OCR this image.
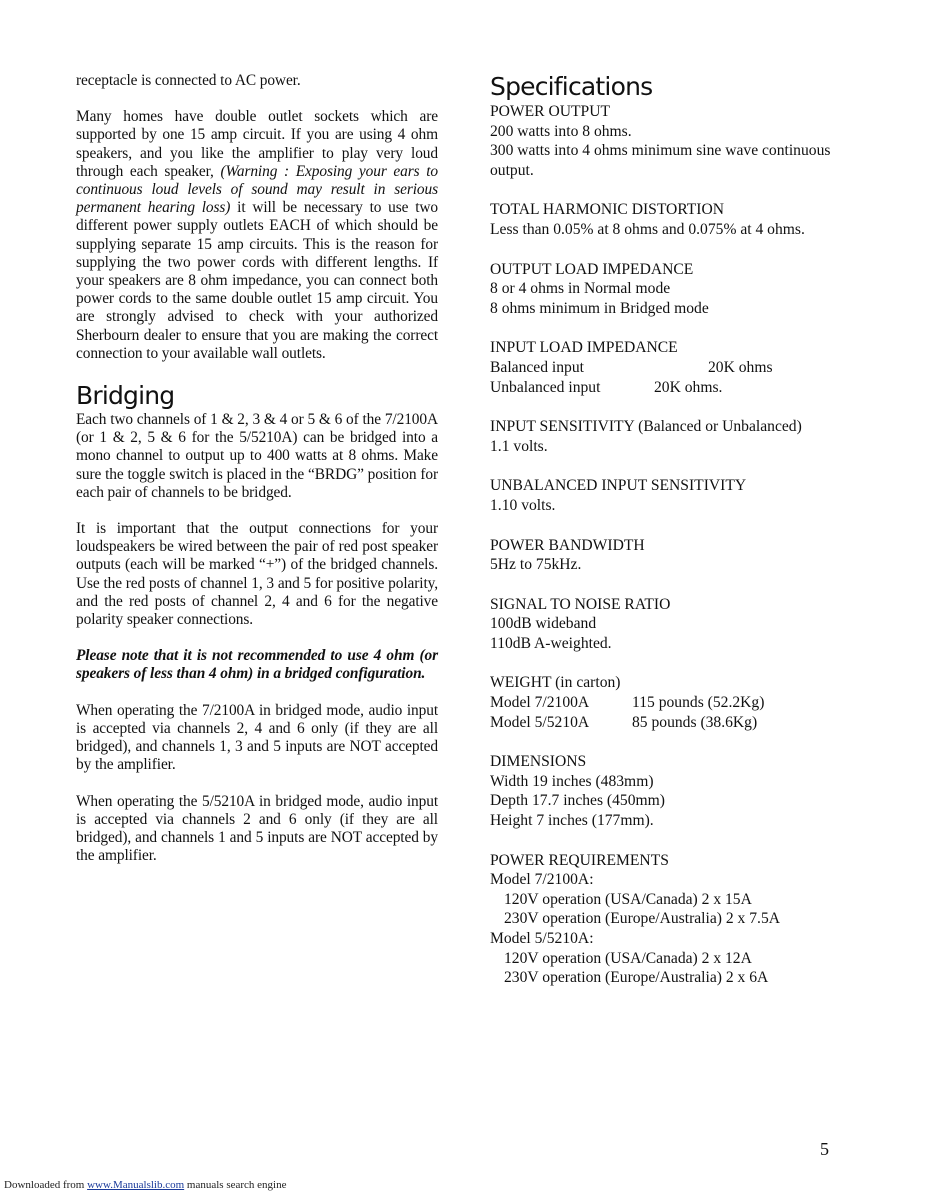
receptacle is connected to AC power.

Many homes have double outlet sockets which are supported by one 15 amp circuit. If you are using 4 ohm speakers, and you like the amplifier to play very loud through each speaker, (Warning : Exposing your ears to continuous loud levels of sound may result in serious permanent hearing loss) it will be necessary to use two different power supply outlets EACH of which should be supplying separate 15 amp circuits. This is the reason for supplying the two power cords with different lengths. If your speakers are 8 ohm impedance, you can connect both power cords to the same double outlet 15 amp circuit. You are strongly advised to check with your authorized Sherbourn dealer to ensure that you are making the correct connection to your available wall outlets.

Bridging

Each two channels of 1 & 2, 3 & 4 or 5 & 6 of the 7/2100A (or 1 & 2, 5 & 6 for the 5/5210A) can be bridged into a mono channel to output up to 400 watts at 8 ohms. Make sure the toggle switch is placed in the “BRDG” position for each pair of channels to be bridged.

It is important that the output connections for your loudspeakers be wired between the pair of red post speaker outputs (each will be marked “+”) of the bridged channels. Use the red posts of channel 1, 3 and 5 for positive polarity, and the red posts of channel 2, 4 and 6 for the negative polarity speaker connections.

Please note that it is not recommended to use 4 ohm (or speakers of less than 4 ohm) in a bridged configuration.

When operating the 7/2100A in bridged mode, audio input is accepted via channels 2, 4 and 6 only (if they are all bridged), and channels 1, 3 and 5 inputs are NOT accepted by the amplifier.

When operating the 5/5210A in bridged mode, audio input is accepted via channels 2 and 6 only (if they are all bridged), and channels 1 and 5 inputs are NOT accepted by the amplifier.

Specifications
POWER OUTPUT
200 watts into 8 ohms.
300 watts into 4 ohms minimum sine wave continuous output.
TOTAL HARMONIC DISTORTION
Less than 0.05% at 8 ohms and 0.075% at 4 ohms.
OUTPUT LOAD IMPEDANCE
8 or 4 ohms in Normal mode
8 ohms minimum in Bridged mode
INPUT LOAD IMPEDANCE
Balanced input	20K ohms
Unbalanced input	20K ohms.
INPUT SENSITIVITY (Balanced or Unbalanced)
1.1 volts.
UNBALANCED INPUT SENSITIVITY
1.10 volts.
POWER BANDWIDTH
5Hz to 75kHz.
SIGNAL TO NOISE RATIO
100dB wideband
110dB A-weighted.
WEIGHT (in carton)
Model 7/2100A	115 pounds (52.2Kg)
Model 5/5210A	85 pounds (38.6Kg)
DIMENSIONS
Width 19 inches (483mm)
Depth 17.7 inches (450mm)
Height 7 inches (177mm).
POWER REQUIREMENTS
Model 7/2100A:
120V operation (USA/Canada) 2 x 15A
230V operation (Europe/Australia) 2 x 7.5A
Model 5/5210A:
120V operation (USA/Canada) 2 x 12A
230V operation (Europe/Australia) 2 x 6A
5
Downloaded from www.Manualslib.com manuals search engine
